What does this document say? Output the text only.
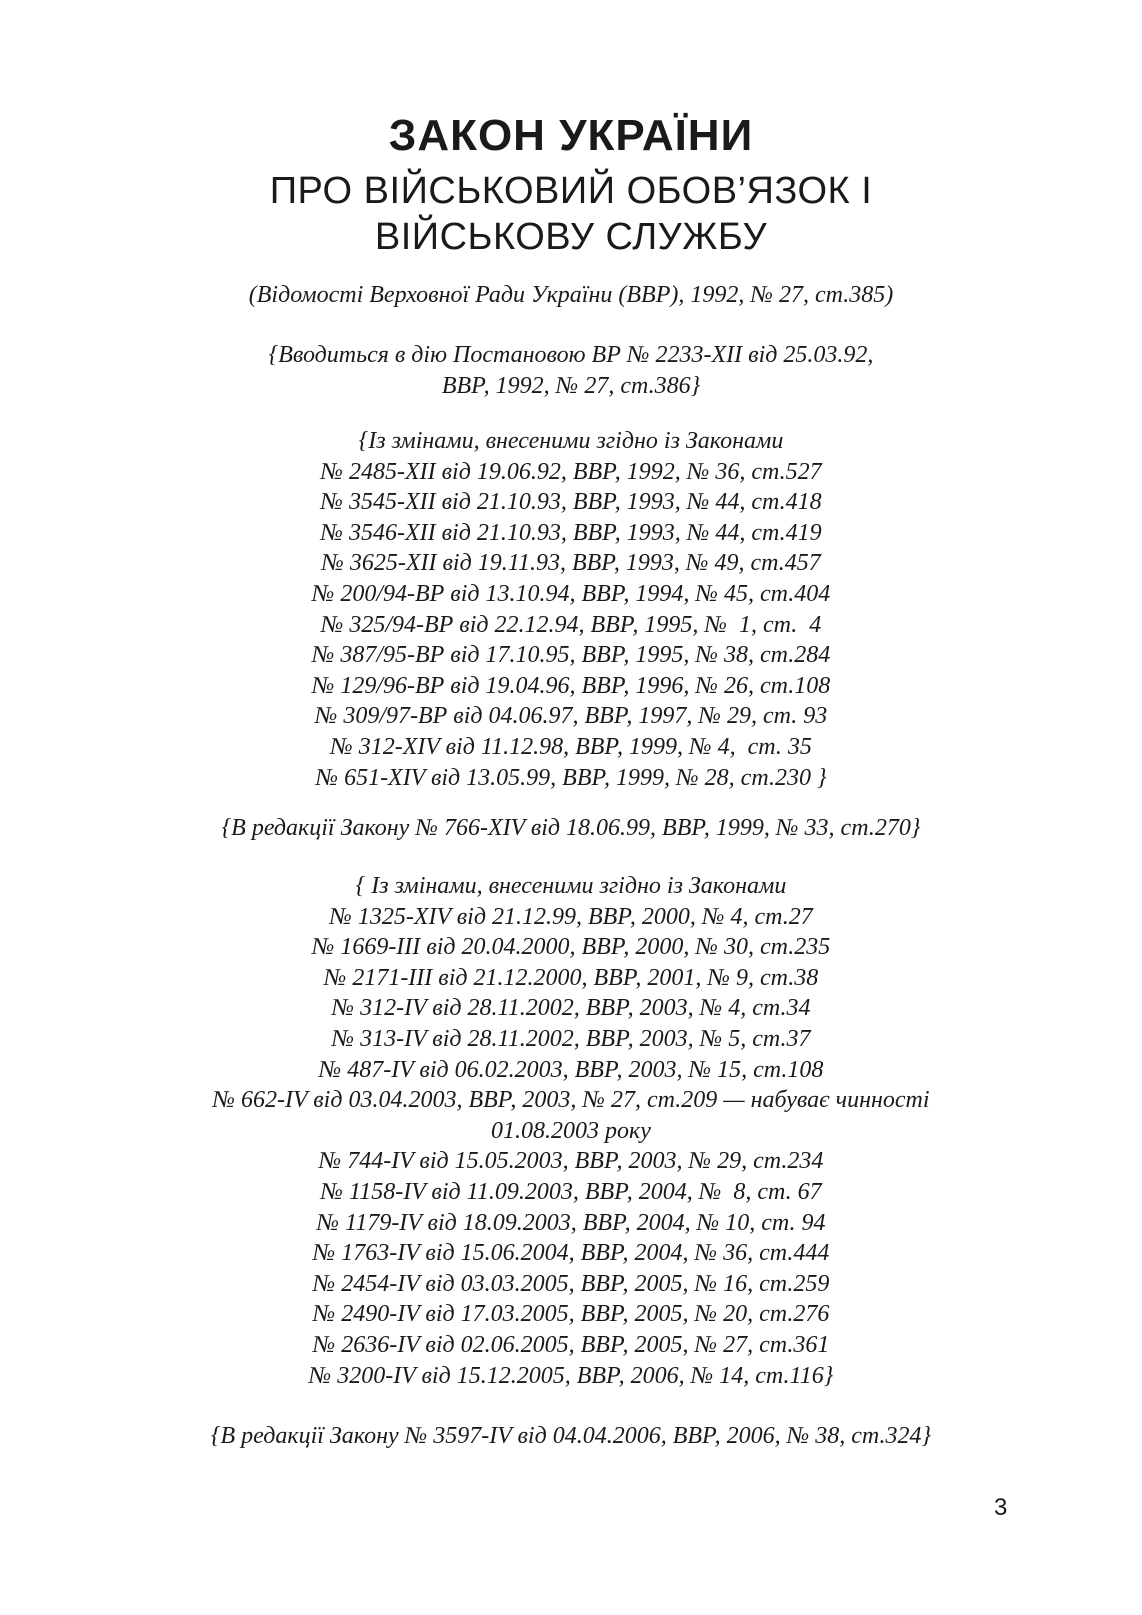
ЗАКОН УКРАЇНИ
ПРО ВІЙСЬКОВИЙ ОБОВ’ЯЗОК І
ВІЙСЬКОВУ СЛУЖБУ
(Відомості Верховної Ради України (ВВР), 1992, № 27, ст.385)
{Вводиться в дію Постановою ВР № 2233-XII від 25.03.92,
ВВР, 1992, № 27, ст.386}
{Із змінами, внесеними згідно із Законами
№ 2485-XII від 19.06.92, ВВР, 1992, № 36, ст.527
№ 3545-XII від 21.10.93, ВВР, 1993, № 44, ст.418
№ 3546-XII від 21.10.93, ВВР, 1993, № 44, ст.419
№ 3625-XII від 19.11.93, ВВР, 1993, № 49, ст.457
№ 200/94-ВР від 13.10.94, ВВР, 1994, № 45, ст.404
№ 325/94-ВР від 22.12.94, ВВР, 1995, №  1, ст.  4
№ 387/95-ВР від 17.10.95, ВВР, 1995, № 38, ст.284
№ 129/96-ВР від 19.04.96, ВВР, 1996, № 26, ст.108
№ 309/97-ВР від 04.06.97, ВВР, 1997, № 29, ст. 93
№ 312-XIV від 11.12.98, ВВР, 1999, № 4,  ст. 35
№ 651-XIV від 13.05.99, ВВР, 1999, № 28, ст.230 }
{В редакції Закону № 766-XIV від 18.06.99, ВВР, 1999, № 33, ст.270}
{ Із змінами, внесеними згідно із Законами
№ 1325-XIV від 21.12.99, ВВР, 2000, № 4, ст.27
№ 1669-III від 20.04.2000, ВВР, 2000, № 30, ст.235
№ 2171-III від 21.12.2000, ВВР, 2001, № 9, ст.38
№ 312-IV від 28.11.2002, ВВР, 2003, № 4, ст.34
№ 313-IV від 28.11.2002, ВВР, 2003, № 5, ст.37
№ 487-IV від 06.02.2003, ВВР, 2003, № 15, ст.108
№ 662-IV від 03.04.2003, ВВР, 2003, № 27, ст.209 — набуває чинності
01.08.2003 року
№ 744-IV від 15.05.2003, ВВР, 2003, № 29, ст.234
№ 1158-IV від 11.09.2003, ВВР, 2004, №  8, ст. 67
№ 1179-IV від 18.09.2003, ВВР, 2004, № 10, ст. 94
№ 1763-IV від 15.06.2004, ВВР, 2004, № 36, ст.444
№ 2454-IV від 03.03.2005, ВВР, 2005, № 16, ст.259
№ 2490-IV від 17.03.2005, ВВР, 2005, № 20, ст.276
№ 2636-IV від 02.06.2005, ВВР, 2005, № 27, ст.361
№ 3200-IV від 15.12.2005, ВВР, 2006, № 14, ст.116}
{В редакції Закону № 3597-IV від 04.04.2006, ВВР, 2006, № 38, ст.324}
3
